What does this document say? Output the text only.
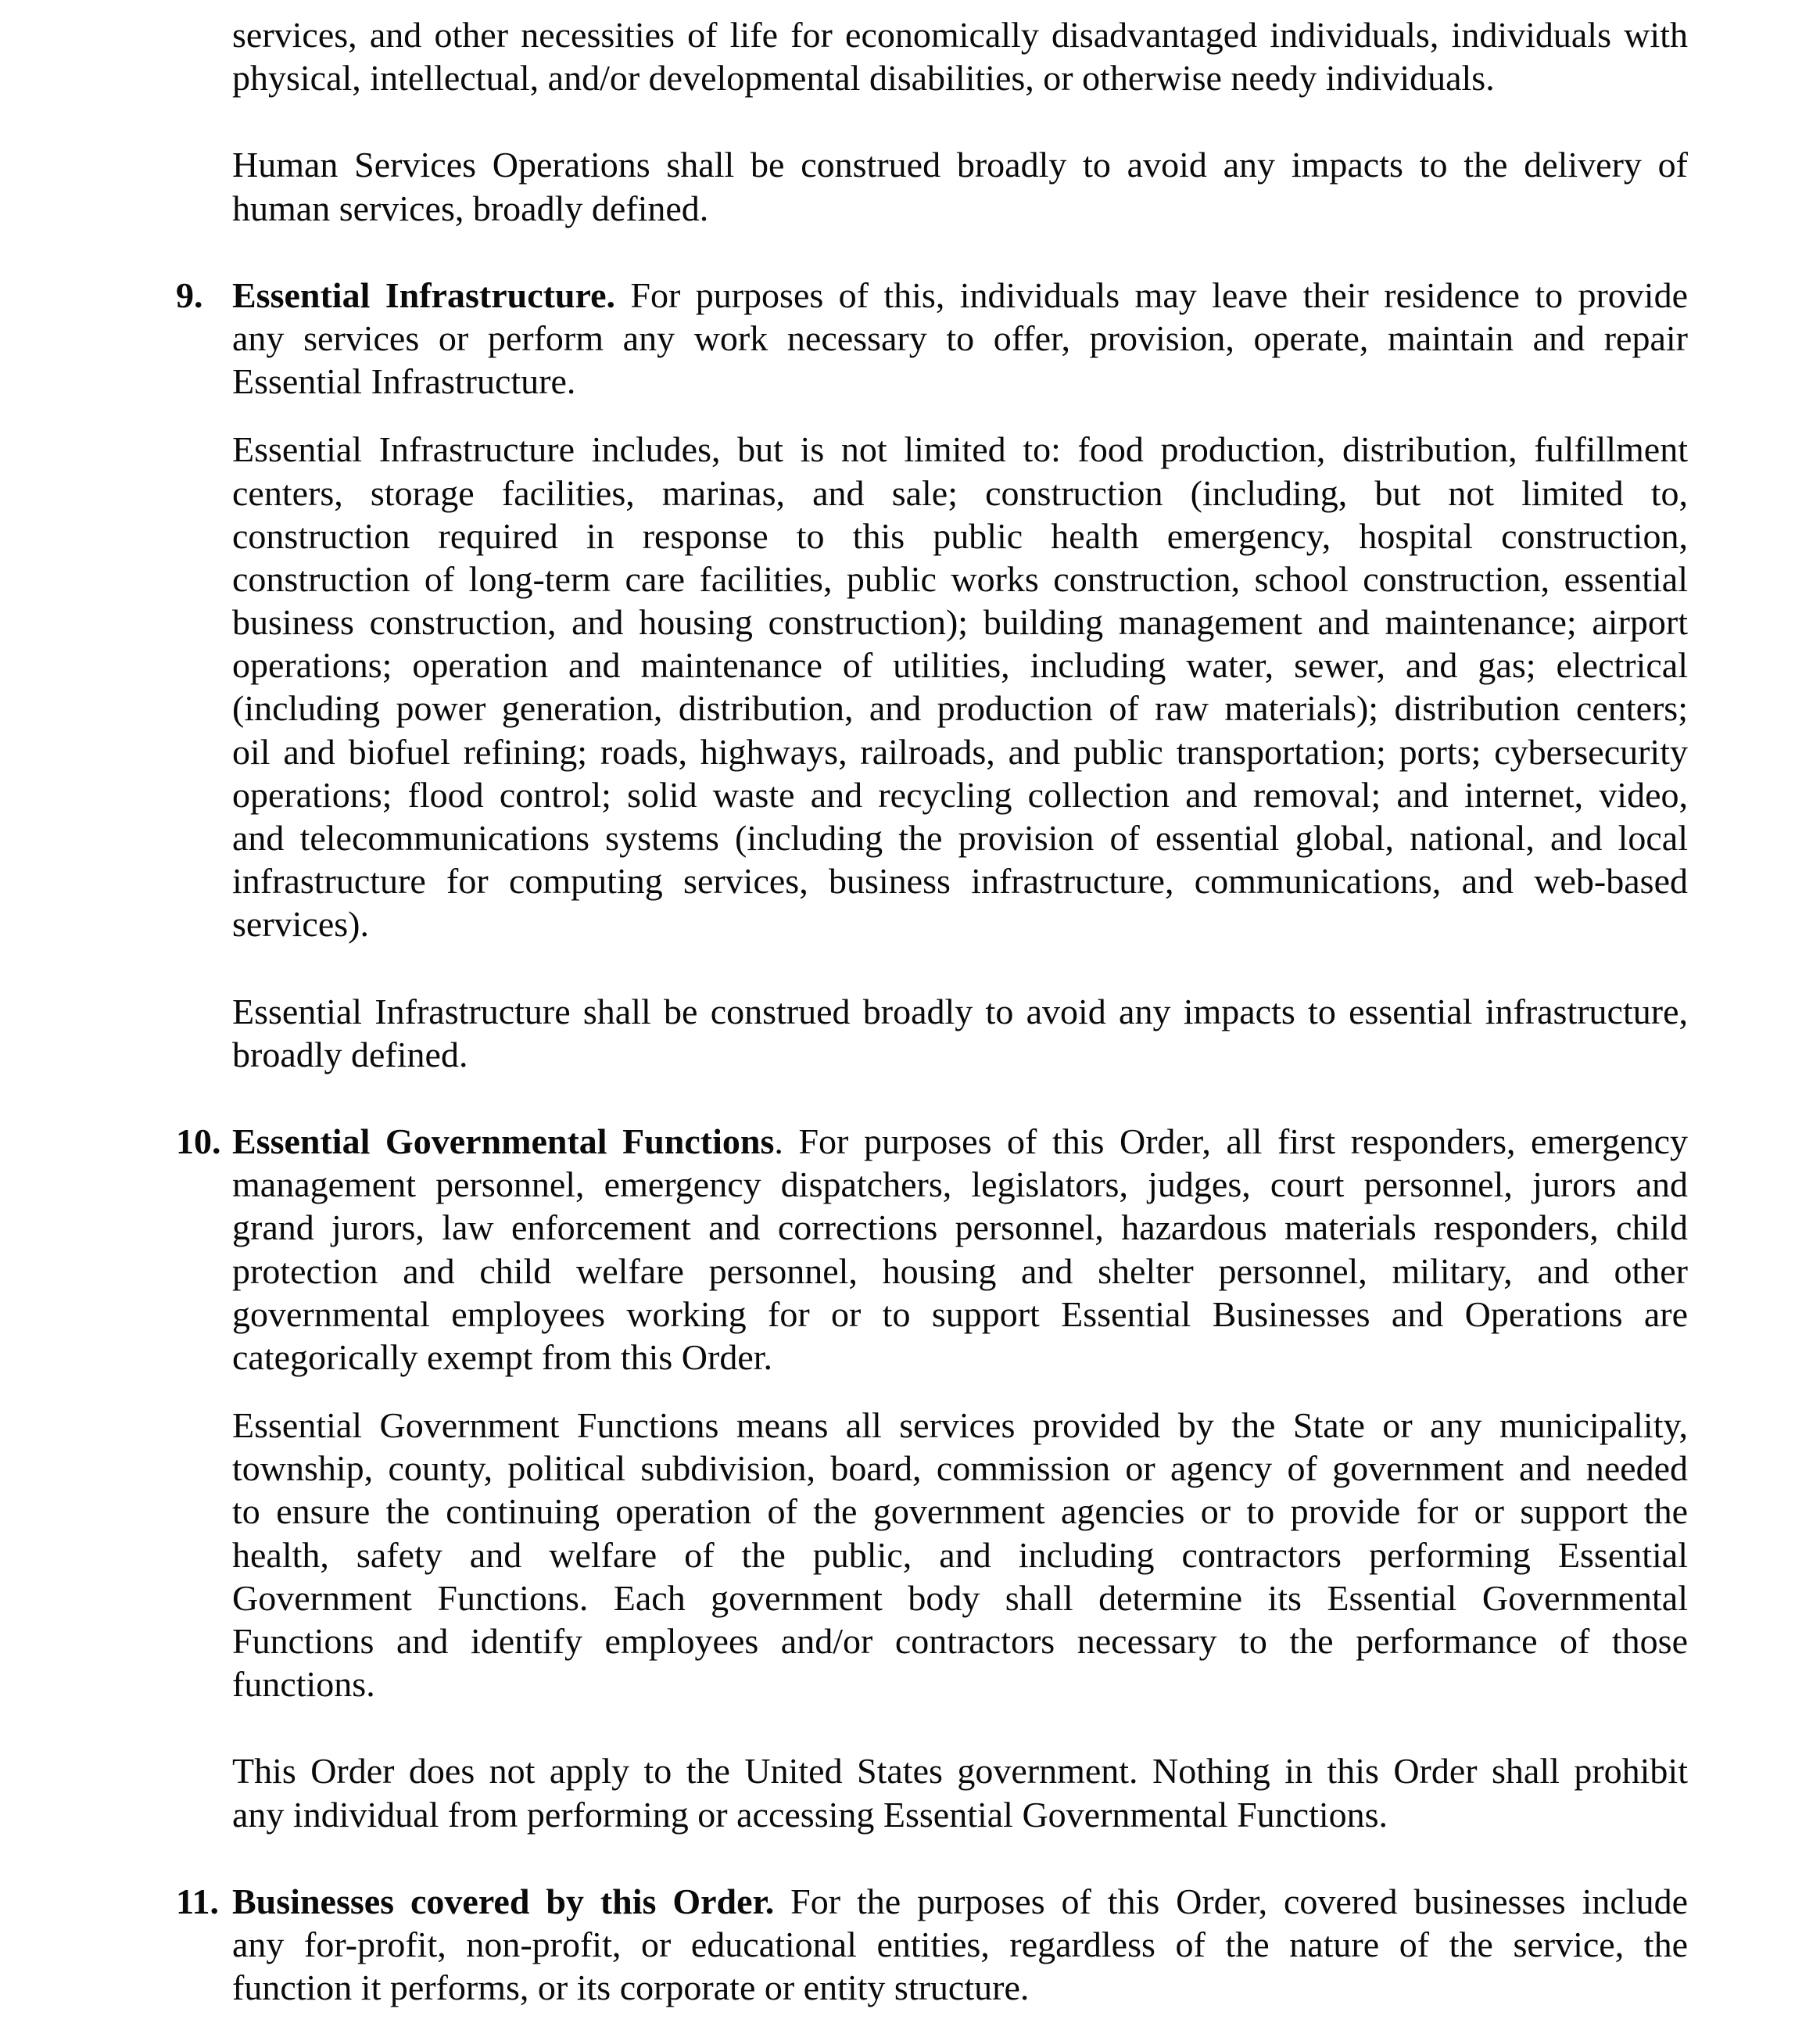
services, and other necessities of life for economically disadvantaged individuals, individuals with
physical, intellectual, and/or developmental disabilities, or otherwise needy individuals.
Human Services Operations shall be construed broadly to avoid any impacts to the delivery of
human services, broadly defined.
9. Essential Infrastructure. For purposes of this, individuals may leave their residence to provide
any services or perform any work necessary to offer, provision, operate, maintain and repair
Essential Infrastructure.
Essential Infrastructure includes, but is not limited to: food production, distribution, fulfillment
centers, storage facilities, marinas, and sale; construction (including, but not limited to,
construction required in response to this public health emergency, hospital construction,
construction of long-term care facilities, public works construction, school construction, essential
business construction, and housing construction); building management and maintenance; airport
operations; operation and maintenance of utilities, including water, sewer, and gas; electrical
(including power generation, distribution, and production of raw materials); distribution centers;
oil and biofuel refining; roads, highways, railroads, and public transportation; ports; cybersecurity
operations; flood control; solid waste and recycling collection and removal; and internet, video,
and telecommunications systems (including the provision of essential global, national, and local
infrastructure for computing services, business infrastructure, communications, and web-based
services).
Essential Infrastructure shall be construed broadly to avoid any impacts to essential infrastructure,
broadly defined.
10. Essential Governmental Functions. For purposes of this Order, all first responders, emergency
management personnel, emergency dispatchers, legislators, judges, court personnel, jurors and
grand jurors, law enforcement and corrections personnel, hazardous materials responders, child
protection and child welfare personnel, housing and shelter personnel, military, and other
governmental employees working for or to support Essential Businesses and Operations are
categorically exempt from this Order.
Essential Government Functions means all services provided by the State or any municipality,
township, county, political subdivision, board, commission or agency of government and needed
to ensure the continuing operation of the government agencies or to provide for or support the
health, safety and welfare of the public, and including contractors performing Essential
Government Functions. Each government body shall determine its Essential Governmental
Functions and identify employees and/or contractors necessary to the performance of those
functions.
This Order does not apply to the United States government. Nothing in this Order shall prohibit
any individual from performing or accessing Essential Governmental Functions.
11. Businesses covered by this Order. For the purposes of this Order, covered businesses include
any for-profit, non-profit, or educational entities, regardless of the nature of the service, the
function it performs, or its corporate or entity structure.
